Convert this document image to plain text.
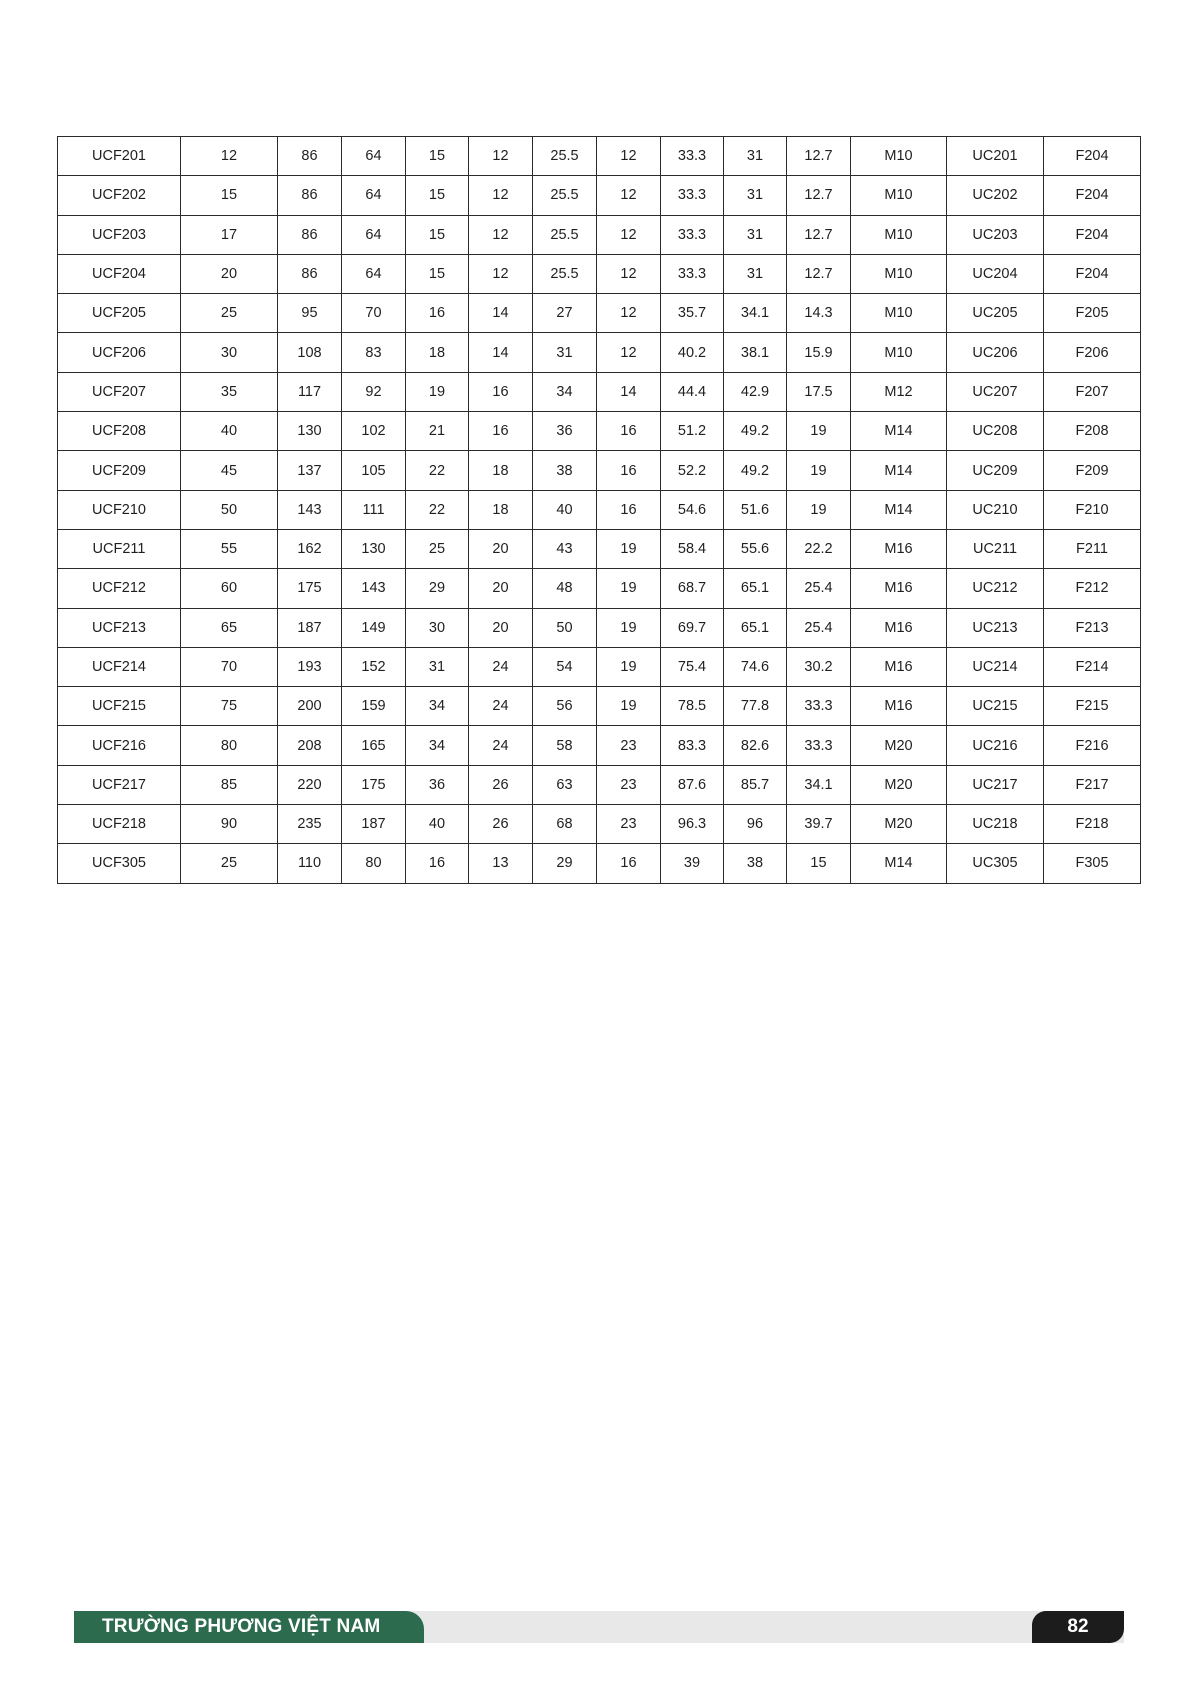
UCF201	12	86	64	15	12	25.5	12	33.3	31	12.7	M10	UC201	F204
UCF202	15	86	64	15	12	25.5	12	33.3	31	12.7	M10	UC202	F204
UCF203	17	86	64	15	12	25.5	12	33.3	31	12.7	M10	UC203	F204
UCF204	20	86	64	15	12	25.5	12	33.3	31	12.7	M10	UC204	F204
UCF205	25	95	70	16	14	27	12	35.7	34.1	14.3	M10	UC205	F205
UCF206	30	108	83	18	14	31	12	40.2	38.1	15.9	M10	UC206	F206
UCF207	35	117	92	19	16	34	14	44.4	42.9	17.5	M12	UC207	F207
UCF208	40	130	102	21	16	36	16	51.2	49.2	19	M14	UC208	F208
UCF209	45	137	105	22	18	38	16	52.2	49.2	19	M14	UC209	F209
UCF210	50	143	111	22	18	40	16	54.6	51.6	19	M14	UC210	F210
UCF211	55	162	130	25	20	43	19	58.4	55.6	22.2	M16	UC211	F211
UCF212	60	175	143	29	20	48	19	68.7	65.1	25.4	M16	UC212	F212
UCF213	65	187	149	30	20	50	19	69.7	65.1	25.4	M16	UC213	F213
UCF214	70	193	152	31	24	54	19	75.4	74.6	30.2	M16	UC214	F214
UCF215	75	200	159	34	24	56	19	78.5	77.8	33.3	M16	UC215	F215
UCF216	80	208	165	34	24	58	23	83.3	82.6	33.3	M20	UC216	F216
UCF217	85	220	175	36	26	63	23	87.6	85.7	34.1	M20	UC217	F217
UCF218	90	235	187	40	26	68	23	96.3	96	39.7	M20	UC218	F218
UCF305	25	110	80	16	13	29	16	39	38	15	M14	UC305	F305
TRƯỜNG PHƯƠNG VIỆT NAM	82
